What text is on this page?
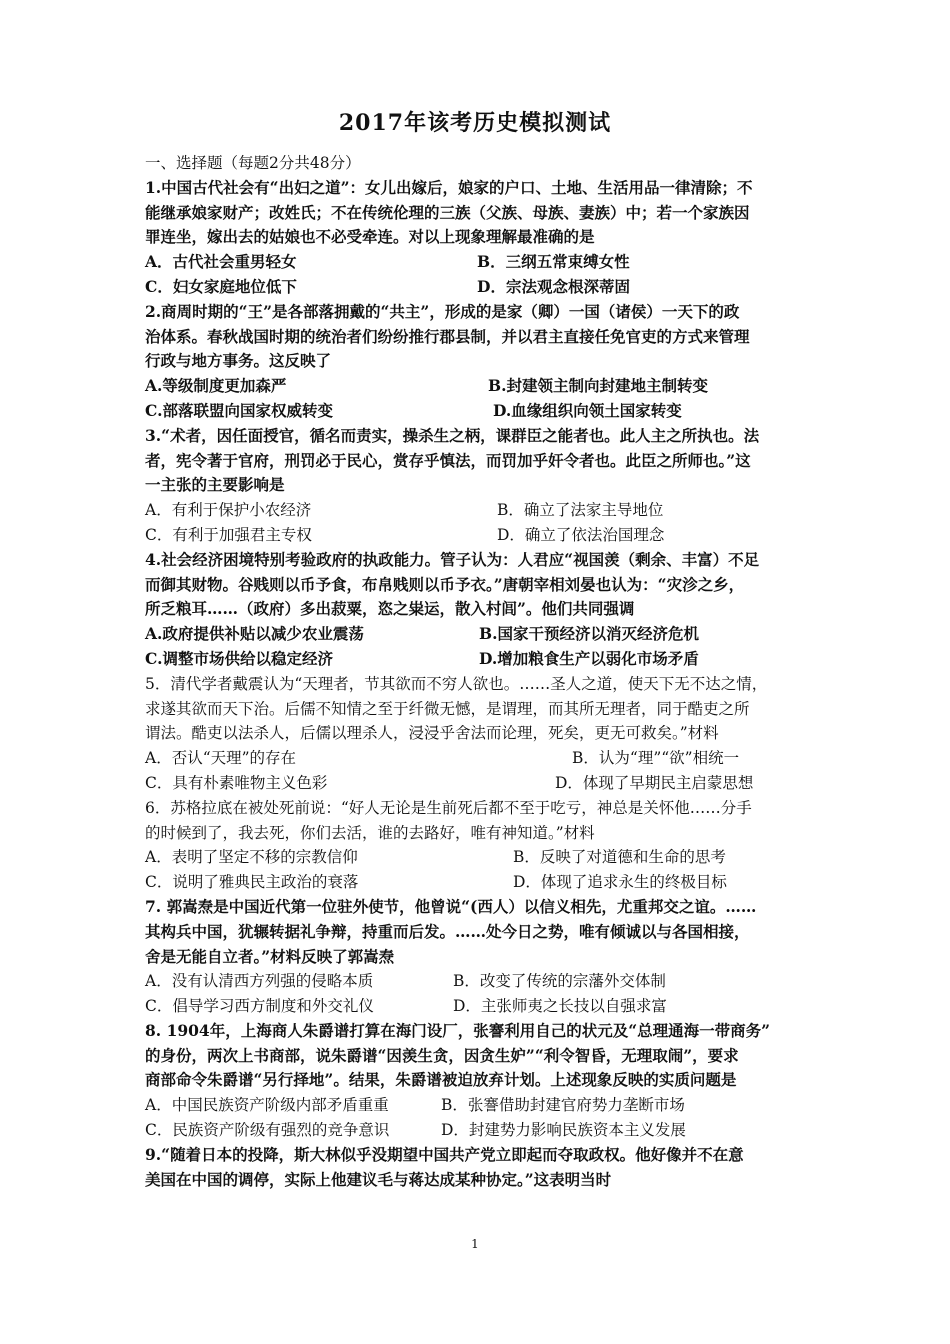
2017年该考历史模拟测试
一、选择题（每题2分共48分）
1.中国古代社会有“出妇之道”：女儿出嫁后，娘家的户口、土地、生活用品一律清除；不
能继承娘家财产；改姓氏；不在传统伦理的三族（父族、母族、妻族）中；若一个家族因
罪连坐，嫁出去的姑娘也不必受牵连。对以上现象理解最准确的是
A．古代社会重男轻女	B．三纲五常束缚女性
C．妇女家庭地位低下	D．宗法观念根深蒂固
2.商周时期的“王”是各部落拥戴的“共主”，形成的是家（卿）一国（诸侯）一天下的政
治体系。春秋战国时期的统治者们纷纷推行郡县制，并以君主直接任免官吏的方式来管理
行政与地方事务。这反映了
A.等级制度更加森严	B.封建领主制向封建地主制转变
C.部落联盟向国家权威转变	D.血缘组织向领土国家转变
3.“术者，因任面授官，循名而责实，操杀生之柄，课群臣之能者也。此人主之所执也。法
者，宪令著于官府，刑罚必于民心，赏存乎慎法，而罚加乎奸令者也。此臣之所师也。”这
一主张的主要影响是
A．有利于保护小农经济	B．确立了法家主导地位
C．有利于加强君主专权	D．确立了依法治国理念
4.社会经济困境特别考验政府的执政能力。管子认为：人君应“视国羡（剩余、丰富）不足
而御其财物。谷贱则以币予食，布帛贱则以币予衣。”唐朝宰相刘晏也认为：“灾沴之乡，
所乏粮耳……（政府）多出菽粟，恣之粜运，散入村闾”。他们共同强调
A.政府提供补贴以减少农业震荡	B.国家干预经济以消灭经济危机
C.调整市场供给以稳定经济	D.增加粮食生产以弱化市场矛盾
5．清代学者戴震认为“天理者，节其欲而不穷人欲也。……圣人之道，使天下无不达之情，
求遂其欲而天下治。后儒不知情之至于纤微无憾，是谓理，而其所无理者，同于酷吏之所
谓法。酷吏以法杀人，后儒以理杀人，浸浸乎舍法而论理，死矣，更无可救矣。”材料
A．否认“天理”的存在	B．认为“理”“欲”相统一
C．具有朴素唯物主义色彩	D．体现了早期民主启蒙思想
6．苏格拉底在被处死前说：“好人无论是生前死后都不至于吃亏，神总是关怀他……分手
的时候到了，我去死，你们去活，谁的去路好，唯有神知道。”材料
A．表明了坚定不移的宗教信仰	B．反映了对道德和生命的思考
C．说明了雅典民主政治的衰落	D．体现了追求永生的终极目标
7. 郭嵩焘是中国近代第一位驻外使节，他曾说“(西人）以信义相先，尤重邦交之谊。……
其构兵中国，犹辗转据礼争辩，持重而后发。……处今日之势，唯有倾诚以与各国相接，
舍是无能自立者。”材料反映了郭嵩焘
A．没有认清西方列强的侵略本质	B．改变了传统的宗藩外交体制
C．倡导学习西方制度和外交礼仪	D．主张师夷之长技以自强求富
8. 1904年，上海商人朱爵谱打算在海门设厂，张謇利用自己的状元及“总理通海一带商务”
的身份，两次上书商部，说朱爵谱“因羡生贪，因贪生妒”“利令智昏，无理取闹”，要求
商部命令朱爵谱“另行择地”。结果，朱爵谱被迫放弃计划。上述现象反映的实质问题是
A．中国民族资产阶级内部矛盾重重	B．张謇借助封建官府势力垄断市场
C．民族资产阶级有强烈的竞争意识	D．封建势力影响民族资本主义发展
9.“随着日本的投降，斯大林似乎没期望中国共产党立即起而夺取政权。他好像并不在意
美国在中国的调停，实际上他建议毛与蒋达成某种协定。”这表明当时
1
